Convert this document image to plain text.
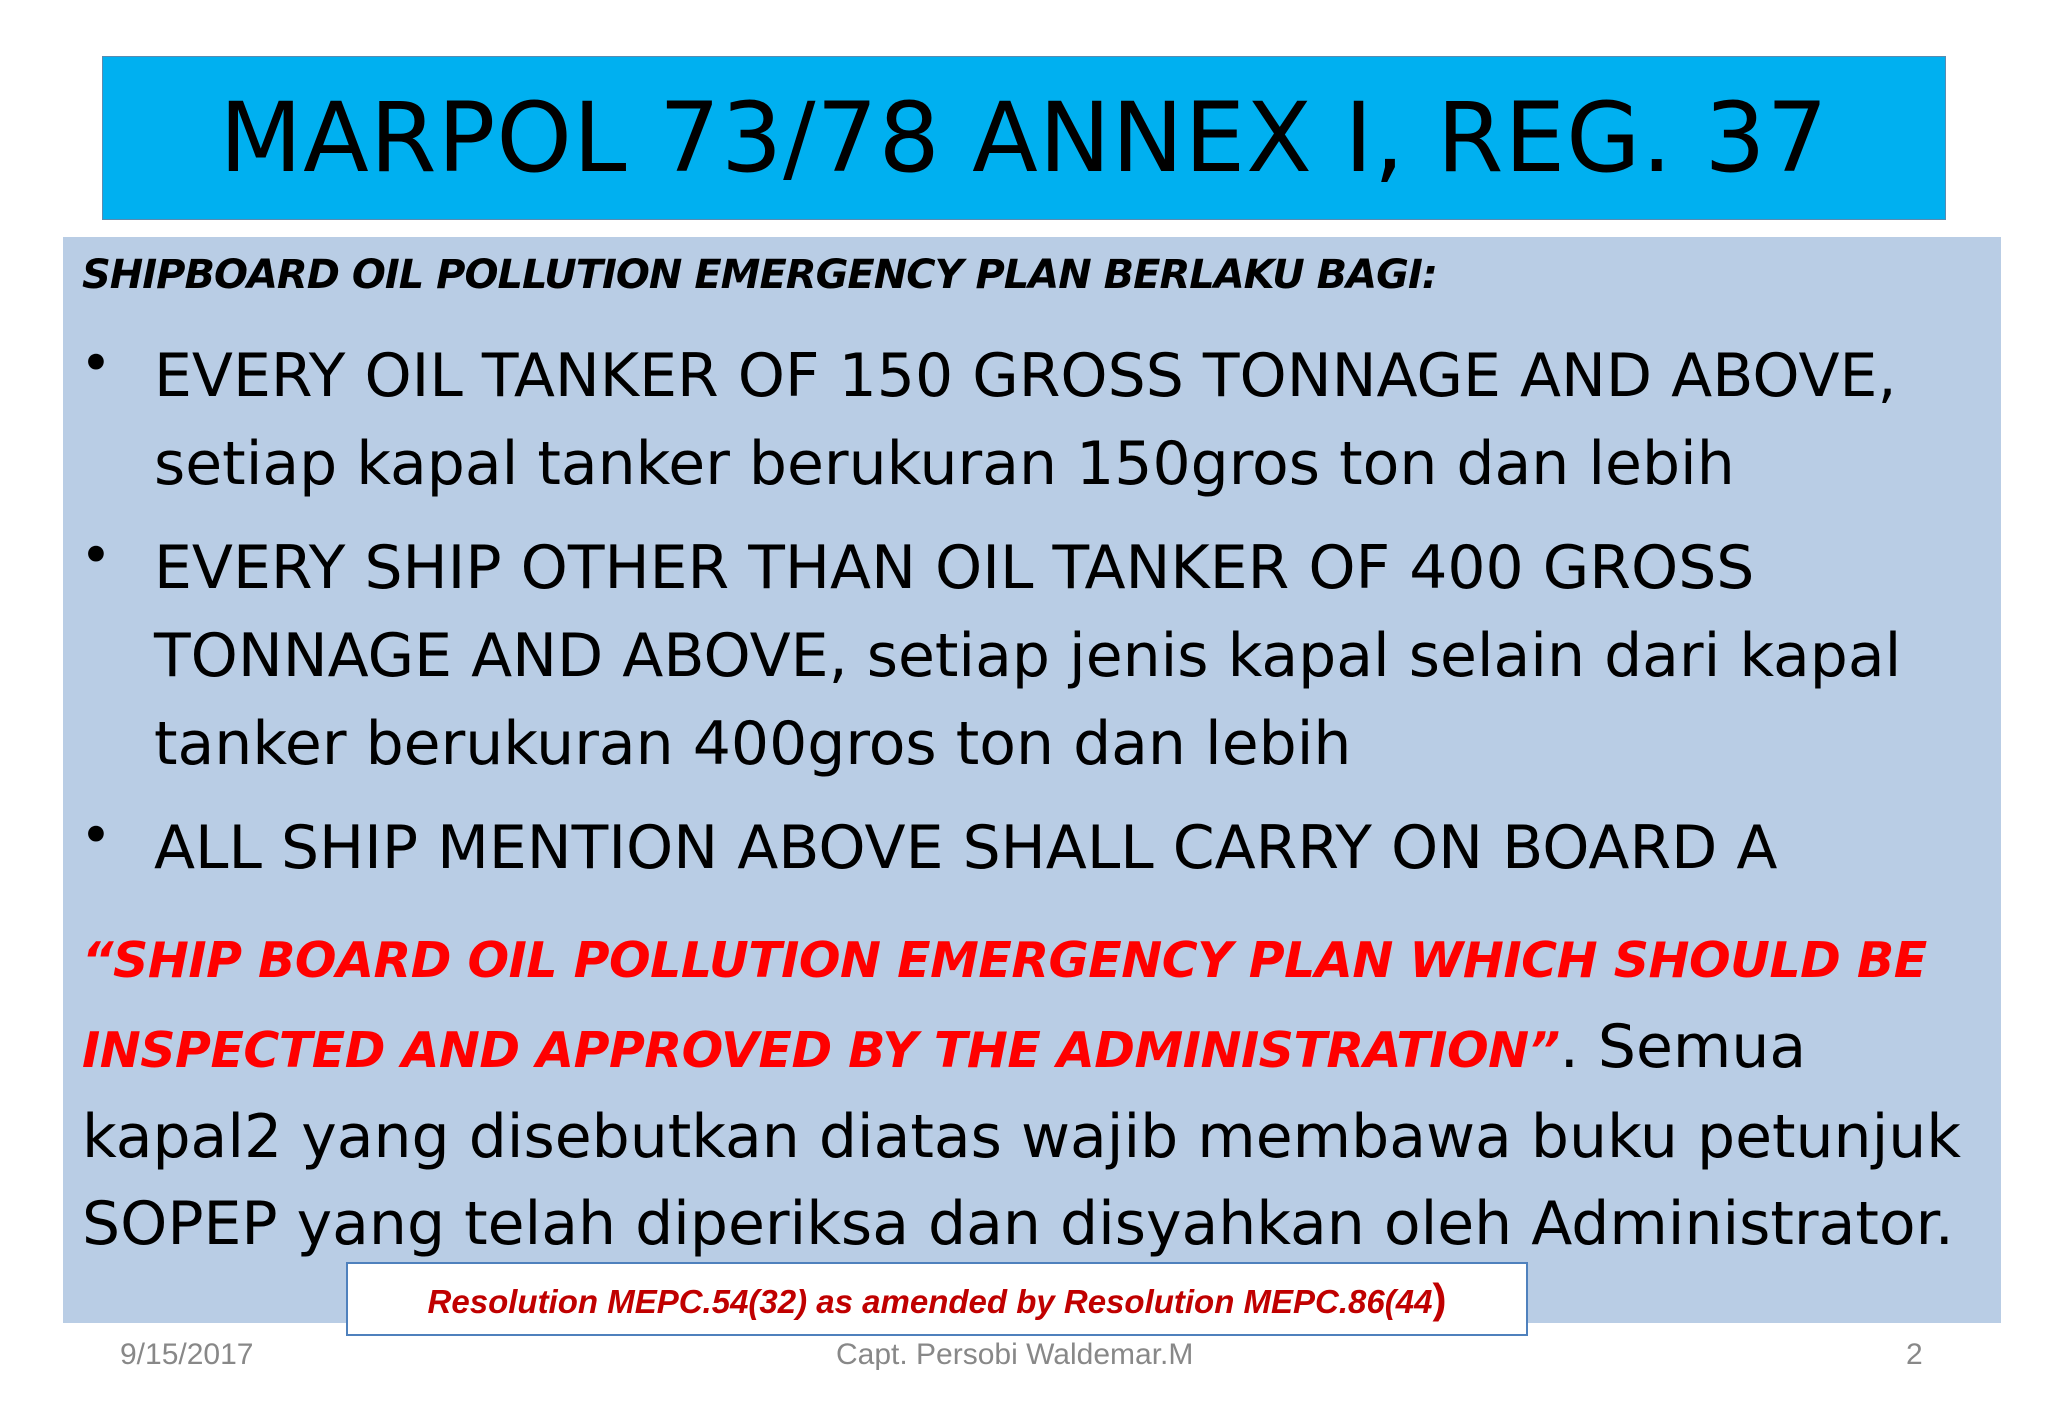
MARPOL 73/78 ANNEX I, REG. 37
SHIPBOARD OIL POLLUTION EMERGENCY PLAN BERLAKU BAGI:
• EVERY OIL TANKER OF 150 GROSS TONNAGE AND ABOVE, setiap kapal tanker berukuran 150gros ton dan lebih
• EVERY SHIP OTHER THAN OIL TANKER OF 400 GROSS TONNAGE AND ABOVE, setiap jenis kapal selain dari kapal tanker berukuran 400gros ton dan lebih
• ALL SHIP MENTION ABOVE SHALL CARRY ON BOARD A
“SHIP BOARD OIL POLLUTION EMERGENCY PLAN WHICH SHOULD BE INSPECTED AND APPROVED BY THE ADMINISTRATION”. Semua kapal2 yang disebutkan diatas wajib membawa buku petunjuk SOPEP yang telah diperiksa dan disyahkan oleh Administrator.
Resolution MEPC.54(32) as amended by Resolution MEPC.86(44)
9/15/2017	Capt. Persobi Waldemar.M	2
